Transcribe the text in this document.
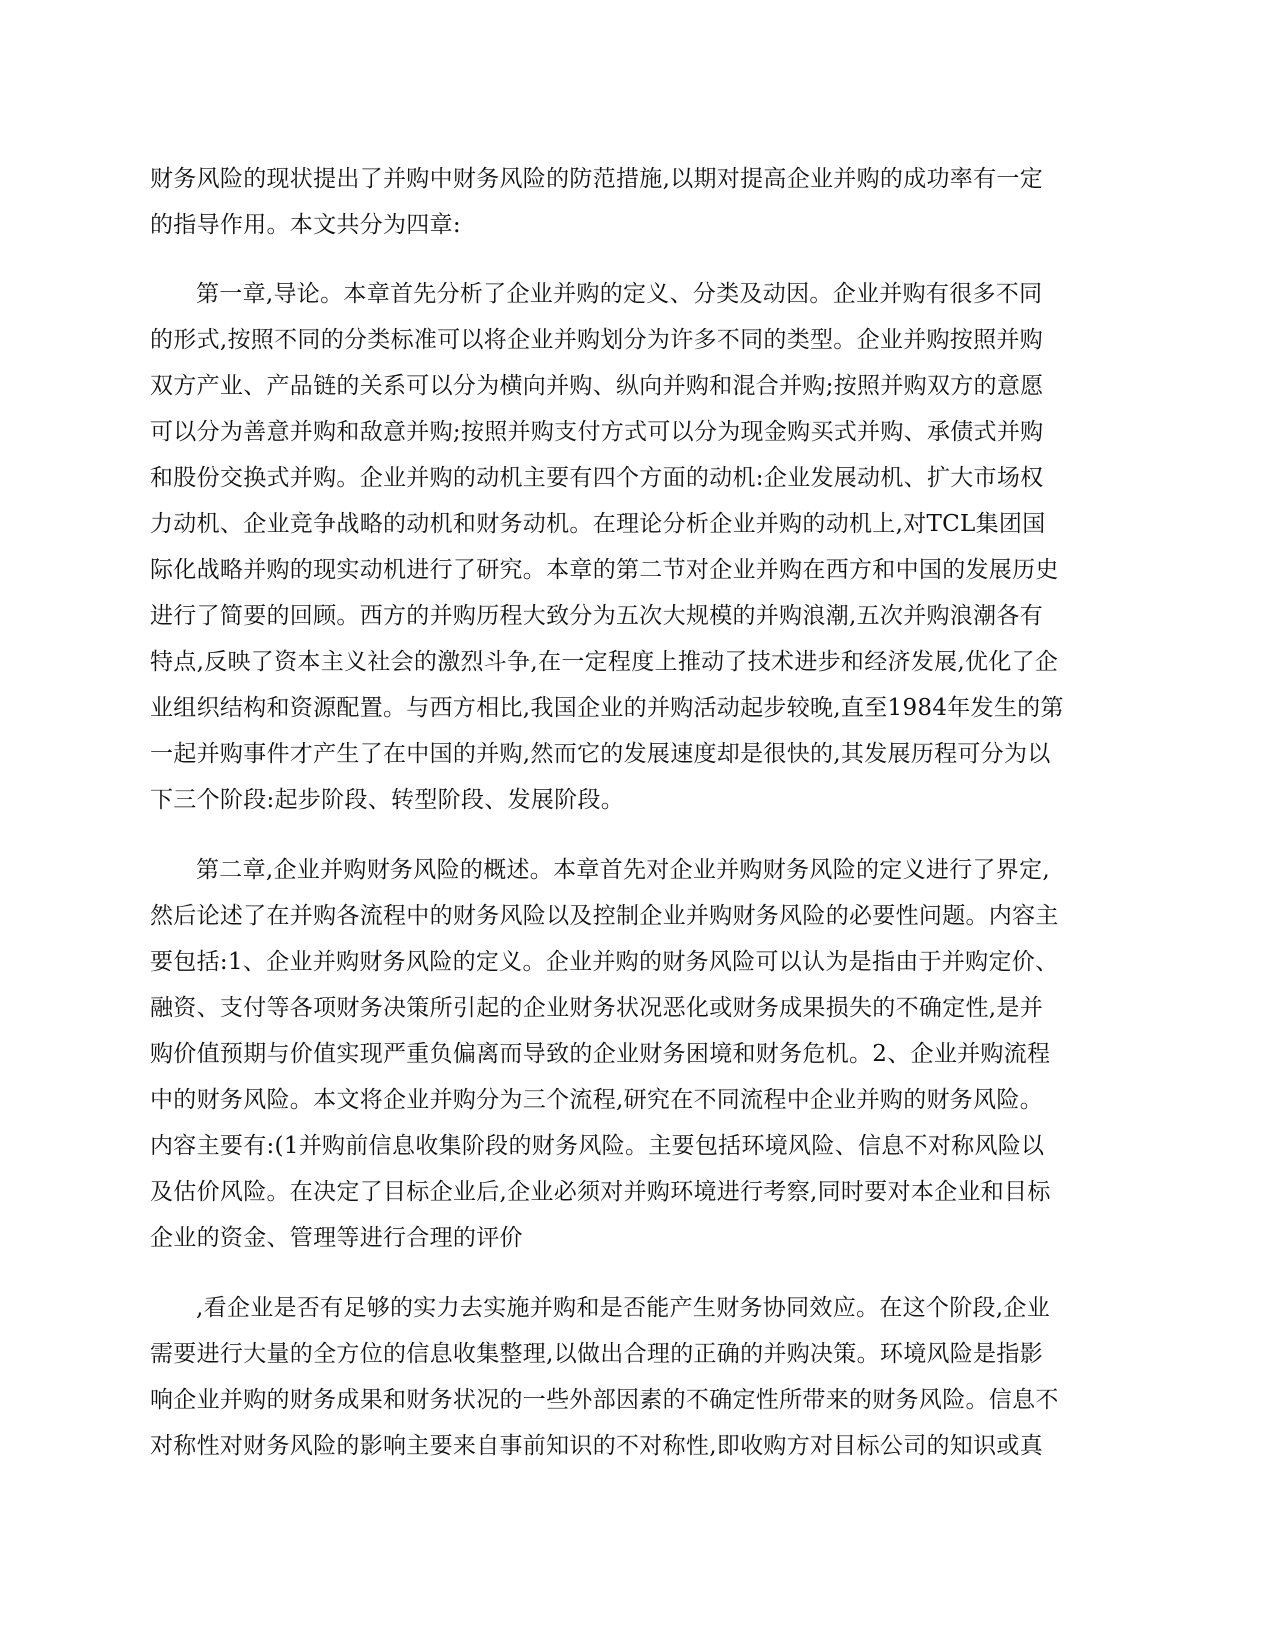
财务风险的现状提出了并购中财务风险的防范措施,以期对提高企业并购的成功率有一定
的指导作用。本文共分为四章:

第一章,导论。本章首先分析了企业并购的定义、分类及动因。企业并购有很多不同
的形式,按照不同的分类标准可以将企业并购划分为许多不同的类型。企业并购按照并购
双方产业、产品链的关系可以分为横向并购、纵向并购和混合并购;按照并购双方的意愿
可以分为善意并购和敌意并购;按照并购支付方式可以分为现金购买式并购、承债式并购
和股份交换式并购。企业并购的动机主要有四个方面的动机:企业发展动机、扩大市场权
力动机、企业竞争战略的动机和财务动机。在理论分析企业并购的动机上,对TCL集团国
际化战略并购的现实动机进行了研究。本章的第二节对企业并购在西方和中国的发展历史
进行了简要的回顾。西方的并购历程大致分为五次大规模的并购浪潮,五次并购浪潮各有
特点,反映了资本主义社会的激烈斗争,在一定程度上推动了技术进步和经济发展,优化了企
业组织结构和资源配置。与西方相比,我国企业的并购活动起步较晚,直至1984年发生的第
一起并购事件才产生了在中国的并购,然而它的发展速度却是很快的,其发展历程可分为以
下三个阶段:起步阶段、转型阶段、发展阶段。

第二章,企业并购财务风险的概述。本章首先对企业并购财务风险的定义进行了界定,
然后论述了在并购各流程中的财务风险以及控制企业并购财务风险的必要性问题。内容主
要包括:1、企业并购财务风险的定义。企业并购的财务风险可以认为是指由于并购定价、
融资、支付等各项财务决策所引起的企业财务状况恶化或财务成果损失的不确定性,是并
购价值预期与价值实现严重负偏离而导致的企业财务困境和财务危机。2、企业并购流程
中的财务风险。本文将企业并购分为三个流程,研究在不同流程中企业并购的财务风险。
内容主要有:(1并购前信息收集阶段的财务风险。主要包括环境风险、信息不对称风险以
及估价风险。在决定了目标企业后,企业必须对并购环境进行考察,同时要对本企业和目标
企业的资金、管理等进行合理的评价

,看企业是否有足够的实力去实施并购和是否能产生财务协同效应。在这个阶段,企业
需要进行大量的全方位的信息收集整理,以做出合理的正确的并购决策。环境风险是指影
响企业并购的财务成果和财务状况的一些外部因素的不确定性所带来的财务风险。信息不
对称性对财务风险的影响主要来自事前知识的不对称性,即收购方对目标公司的知识或真
